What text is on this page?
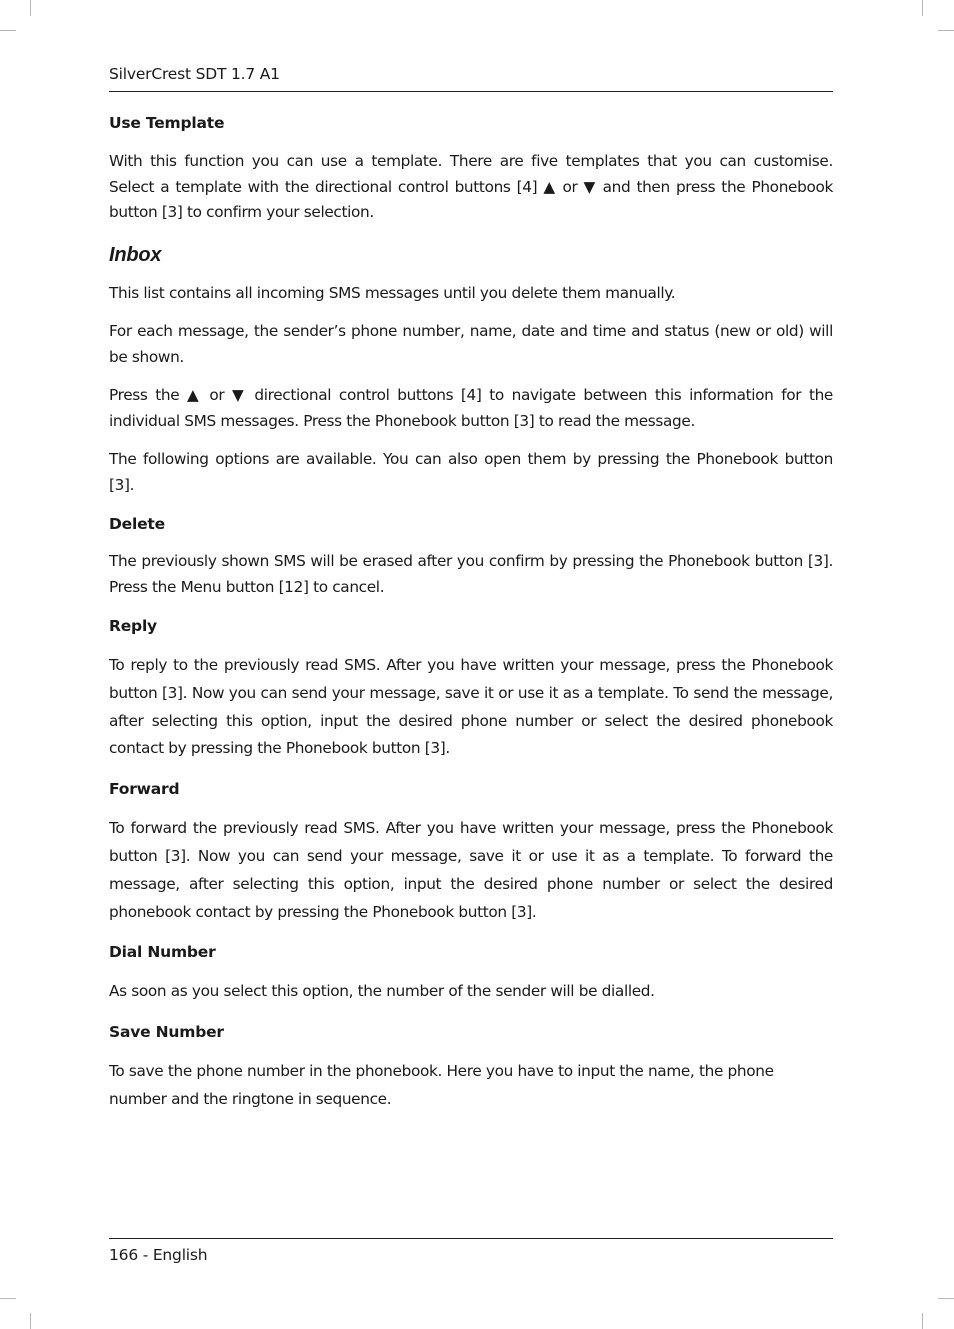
SilverCrest SDT 1.7 A1
Use Template

With this function you can use a template. There are five templates that you can customise. Select a template with the directional control buttons [4] ▲ or ▼ and then press the Phonebook button [3] to confirm your selection.

Inbox

This list contains all incoming SMS messages until you delete them manually.

For each message, the sender’s phone number, name, date and time and status (new or old) will be shown.

Press the ▲ or ▼ directional control buttons [4] to navigate between this information for the individual SMS messages. Press the Phonebook button [3] to read the message.

The following options are available. You can also open them by pressing the Phonebook button [3].

Delete

The previously shown SMS will be erased after you confirm by pressing the Phonebook button [3]. Press the Menu button [12] to cancel.

Reply

To reply to the previously read SMS. After you have written your message, press the Phonebook button [3]. Now you can send your message, save it or use it as a template. To send the message, after selecting this option, input the desired phone number or select the desired phonebook contact by pressing the Phonebook button [3].

Forward

To forward the previously read SMS. After you have written your message, press the Phonebook button [3]. Now you can send your message, save it or use it as a template. To forward the message, after selecting this option, input the desired phone number or select the desired phonebook contact by pressing the Phonebook button [3].

Dial Number

As soon as you select this option, the number of the sender will be dialled.

Save Number

To save the phone number in the phonebook. Here you have to input the name, the phone number and the ringtone in sequence.

166 - English
